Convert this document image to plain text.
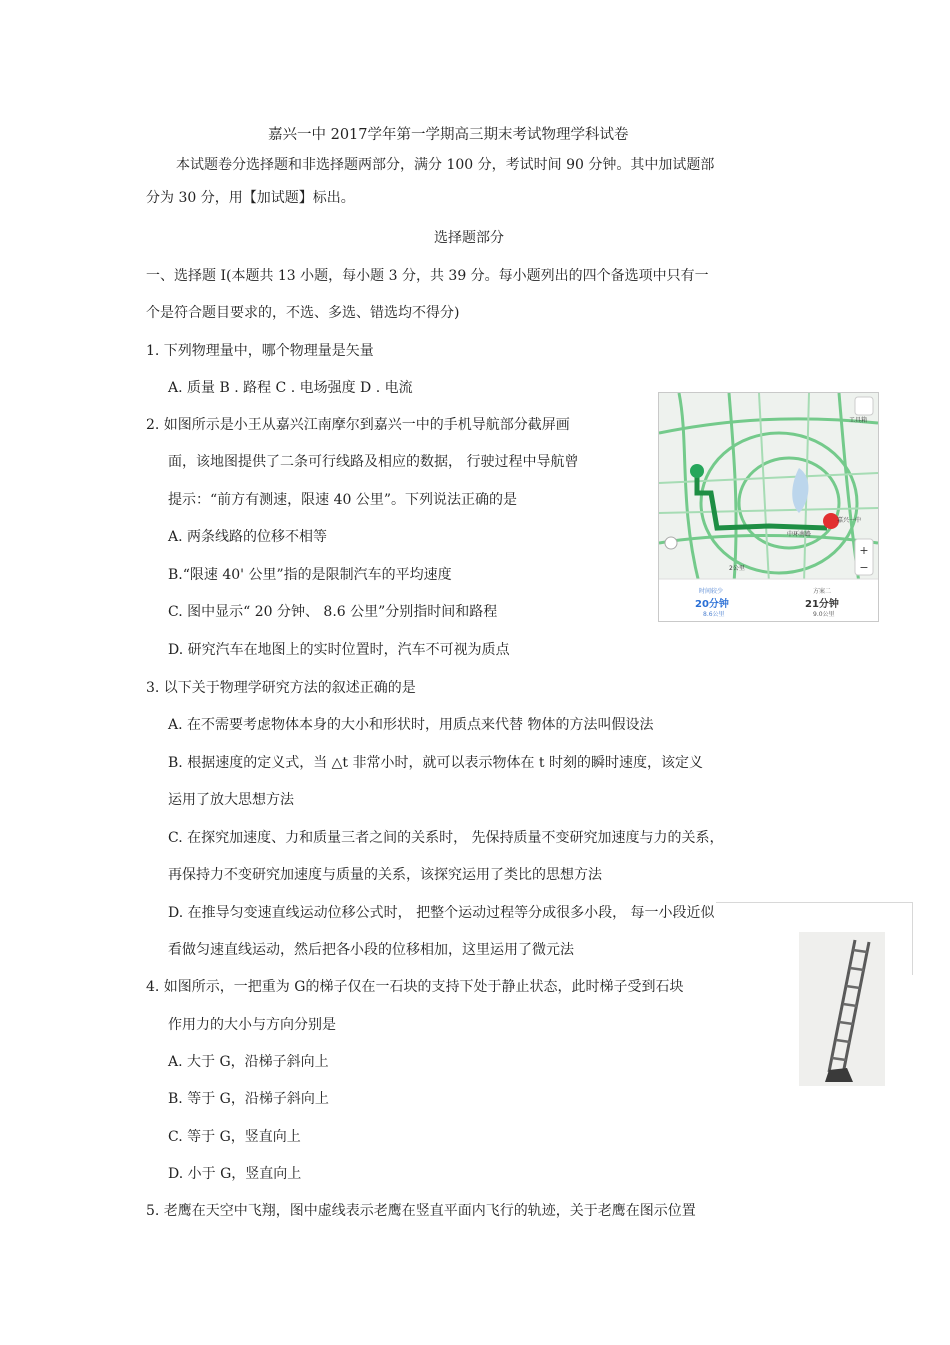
嘉兴一中 2017学年第一学期高三期末考试物理学科试卷
本试题卷分选择题和非选择题两部分，满分 100 分，考试时间 90 分钟。其中加试题部
分为 30 分，用【加试题】标出。
选择题部分
一、选择题 I(本题共 13 小题，每小题 3 分，共 39 分。每小题列出的四个备选项中只有一
个是符合题目要求的，不选、多选、错选均不得分)
1. 下列物理量中，哪个物理量是矢量
A. 质量 B . 路程 C . 电场强度 D . 电流
2. 如图所示是小王从嘉兴江南摩尔到嘉兴一中的手机导航部分截屏画
面，该地图提供了二条可行线路及相应的数据， 行驶过程中导航曾
提示：“前方有测速，限速 40 公里”。下列说法正确的是
A. 两条线路的位移不相等
B.“限速 40' 公里”指的是限制汽车的平均速度
C. 图中显示“ 20 分钟、 8.6 公里”分别指时间和路程
D. 研究汽车在地图上的实时位置时，汽车不可视为质点
+
−
工具箱
嘉兴一中
中环南路
2公里
时间较少
20分钟
8.6公里
方案二
21分钟
9.0公里
3. 以下关于物理学研究方法的叙述正确的是
A. 在不需要考虑物体本身的大小和形状时，用质点来代替 物体的方法叫假设法
B. 根据速度的定义式，当 △t 非常小时，就可以表示物体在 t 时刻的瞬时速度，该定义
运用了放大思想方法
C. 在探究加速度、力和质量三者之间的关系时， 先保持质量不变研究加速度与力的关系，
再保持力不变研究加速度与质量的关系，该探究运用了类比的思想方法
D. 在推导匀变速直线运动位移公式时， 把整个运动过程等分成很多小段， 每一小段近似
看做匀速直线运动，然后把各小段的位移相加，这里运用了微元法
4. 如图所示，一把重为 G的梯子仅在一石块的支持下处于静止状态，此时梯子受到石块
作用力的大小与方向分别是
A. 大于 G，沿梯子斜向上
B. 等于 G，沿梯子斜向上
C. 等于 G，竖直向上
D. 小于 G，竖直向上
5. 老鹰在天空中飞翔，图中虚线表示老鹰在竖直平面内飞行的轨迹，关于老鹰在图示位置
